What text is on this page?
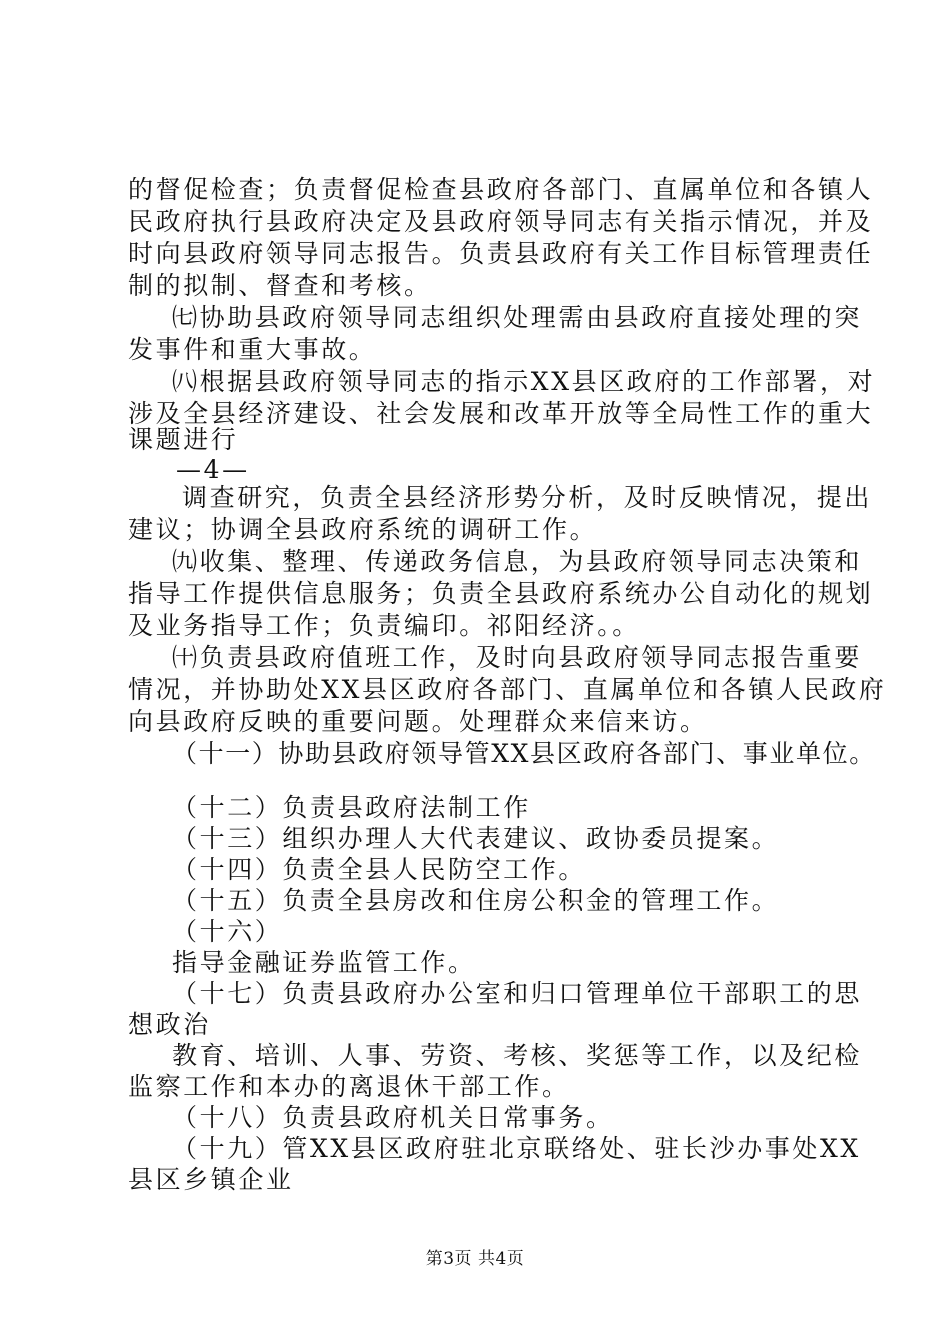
的督促检查；负责督促检查县政府各部门、直属单位和各镇人
民政府执行县政府决定及县政府领导同志有关指示情况，并及
时向县政府领导同志报告。负责县政府有关工作目标管理责任
制的拟制、督查和考核。
㈦协助县政府领导同志组织处理需由县政府直接处理的突
发事件和重大事故。
㈧根据县政府领导同志的指示XX县区政府的工作部署，对
涉及全县经济建设、社会发展和改革开放等全局性工作的重大
课题进行
—4—
调查研究，负责全县经济形势分析，及时反映情况，提出
建议；协调全县政府系统的调研工作。
㈨收集、整理、传递政务信息，为县政府领导同志决策和
指导工作提供信息服务；负责全县政府系统办公自动化的规划
及业务指导工作；负责编印。祁阳经济。。
㈩负责县政府值班工作，及时向县政府领导同志报告重要
情况，并协助处XX县区政府各部门、直属单位和各镇人民政府
向县政府反映的重要问题。处理群众来信来访。
（十一）协助县政府领导管XX县区政府各部门、事业单位。
（十二）负责县政府法制工作
（十三）组织办理人大代表建议、政协委员提案。
（十四）负责全县人民防空工作。
（十五）负责全县房改和住房公积金的管理工作。
（十六）
指导金融证券监管工作。
（十七）负责县政府办公室和归口管理单位干部职工的思
想政治
教育、培训、人事、劳资、考核、奖惩等工作，以及纪检
监察工作和本办的离退休干部工作。
（十八）负责县政府机关日常事务。
（十九）管XX县区政府驻北京联络处、驻长沙办事处XX
县区乡镇企业
第3页 共4页
